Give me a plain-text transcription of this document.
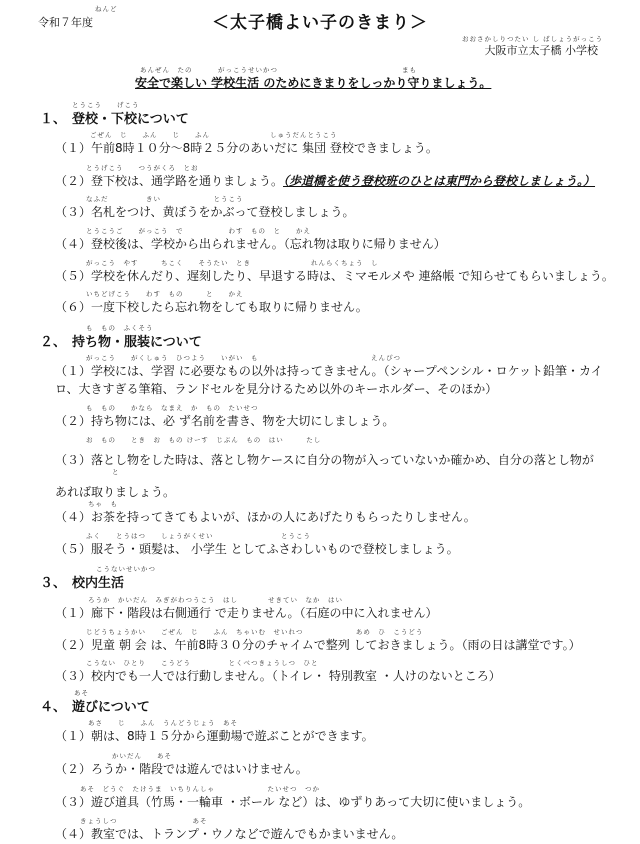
ねんど
令和７年度	＜太子橋よい子のきまり＞
おおさかしりつたい し ばしょうがっこう
大阪市立太子橋 小学校
あんぜん　たの	がっこうせいかつ	まも
安全で楽しい 学校生活 のためにきまりをしっかり守りましょう。
とうこう　　げこう
１、 登校・下校について
ごぜん　じ　　ふん　　じ　　ふん　　　　　　　　しゅうだんとうこう
（１）午前8時１０分～8時２５分のあいだに 集団 登校できましょう。
とうげこう　　つうがくろ　とお
（２）登下校は、通学路を通りましょう。（歩道橋を使う登校班のひとは東門から登校しましょう。）
なふだ　　　　　きい　　　　　　　とうこう
（３）名札をつけ、黄ぼうをかぶって登校しましょう。
とうこうご　　がっこう　で　　　　　　わす　もの　と　　かえ
（４）登校後は、学校から出られません。（忘れ物は取りに帰りません）
がっこう　やす　　　ちこく　　そうたい　とき　　　　　　　　れんらくちょう　し
（５）学校を休んだり、遅刻したり、早退する時は、ミマモルメや 連絡帳 で知らせてもらいましょう。
いちどげこう　　わす　もの　　　と　　かえ
（６）一度下校したら忘れ物をしても取りに帰りません。
も　もの　ふくそう
２、 持ち物・服装について
がっこう　　がくしゅう　ひつよう　　いがい　も　　　　　　　　　　　　　　　えんぴつ
（１）学校には、学習 に必要なもの以外は持ってきません。（シャープペンシル・ロケット鉛筆・カイロ、大きすぎる筆箱、ランドセルを見分けるため以外のキーホルダー、そのほか）
も　もの　　かなら　なまえ　か　もの　たいせつ
（２）持ち物には、必 ず名前を書き、物を大切にしましょう。
お　もの　　とき　お　もの けーす　じぶん　もの　はい　　　たし
（３）落とし物をした時は、落とし物ケースに自分の物が入っていないか確かめ、自分の落とし物があれば取りましょう。
と
ちゃ　も
（４）お茶を持ってきてもよいが、ほかの人にあげたりもらったりしません。
ふく　　とうはつ　　しょうがくせい　　　　　　　　　とうこう
（５）服そう・頭髪は、 小学生 としてふさわしいもので登校しましょう。
こうないせいかつ
３、 校内生活
ろうか　かいだん　みぎがわつうこう　はし　　　　せきてい　なか　はい
（１）廊下・階段は右側通行 で走りません。（石庭の中に入れません）
じどうちょうかい　　ごぜん　じ　　ふん　ちゃいむ　せいれつ　　　　　　　あめ　ひ　こうどう
（２）児童 朝 会 は、午前8時３０分のチャイムで整列 しておきましょう。（雨の日は講堂です。）
こうない　ひとり　　こうどう　　　　　とくべつきょうしつ　ひと
（３）校内でも一人では行動しません。（トイレ・ 特別教室 ・人けのないところ）
あそ
４、 遊びについて
あさ　　じ　　ふん　うんどうじょう　あそ
（１）朝は、8時１５分から運動場で遊ぶことができます。
かいだん　　あそ
（２）ろうか・階段では遊んではいけません。
あそ　どうぐ　たけうま　いちりんしゃ　　　　　　　たいせつ　つか
（３）遊び道具（竹馬・一輪車 ・ボール など）は、ゆずりあって大切に使いましょう。
きょうしつ　　　　　　　　　　あそ
（４）教室では、トランプ・ウノなどで遊んでもかまいません。
